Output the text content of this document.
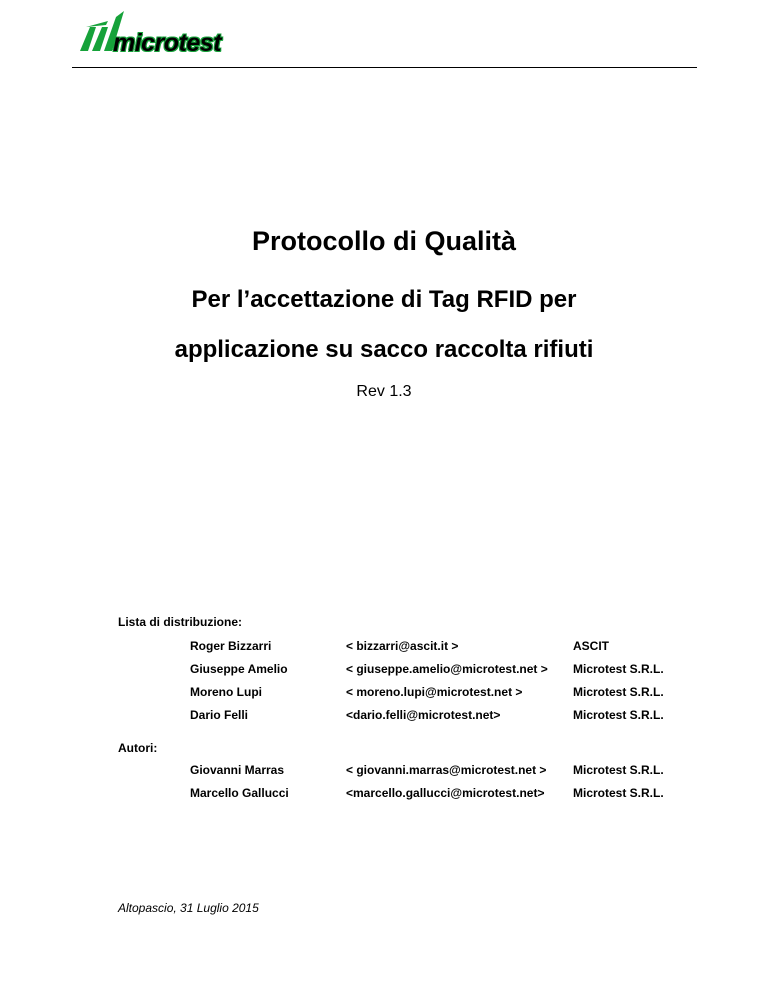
microtest
Protocollo di Qualità
Per l’accettazione di Tag RFID per
applicazione su sacco raccolta rifiuti
Rev 1.3
Lista di distribuzione:
Roger Bizzarri	< bizzarri@ascit.it >	ASCIT
Giuseppe Amelio	< giuseppe.amelio@microtest.net > Microtest S.R.L.
Moreno Lupi	< moreno.lupi@microtest.net >	Microtest S.R.L.
Dario Felli	<dario.felli@microtest.net>	Microtest S.R.L.
Autori:
Giovanni Marras	< giovanni.marras@microtest.net > Microtest S.R.L.
Marcello Gallucci	<marcello.gallucci@microtest.net> Microtest S.R.L.
Altopascio, 31 Luglio 2015
